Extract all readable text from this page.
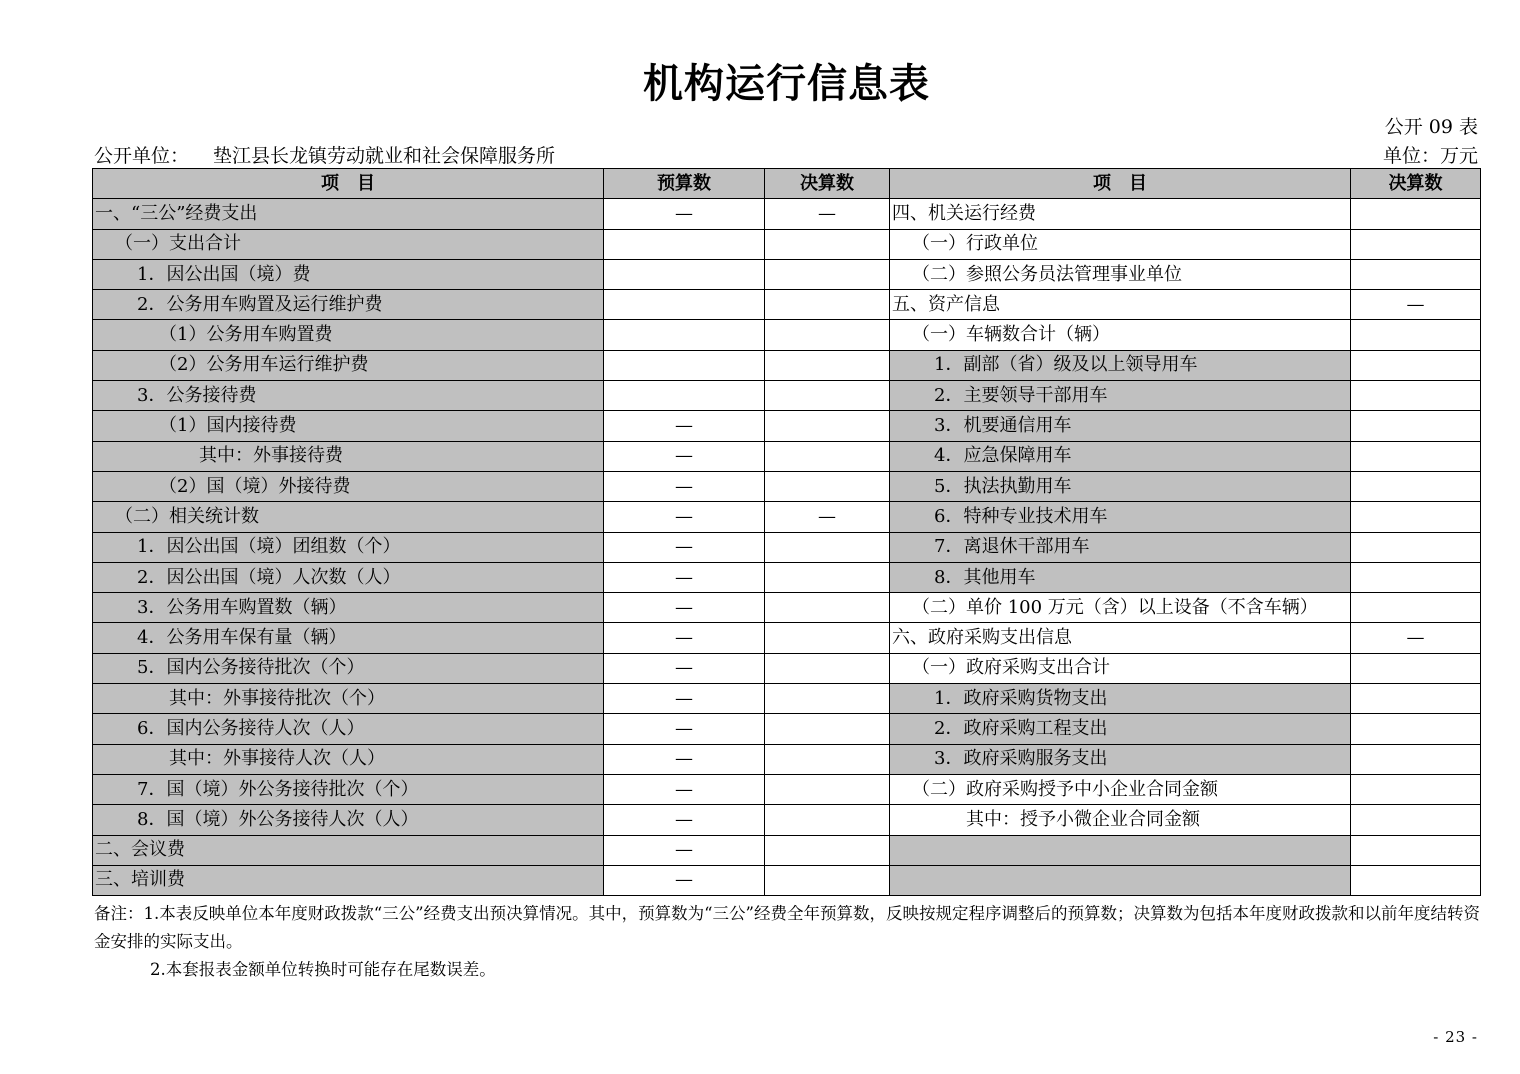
机构运行信息表
公开 09 表
公开单位： 垫江县长龙镇劳动就业和社会保障服务所	单位：万元
项　目	预算数	决算数	项　目	决算数
一、“三公”经费支出	—	—	四、机关运行经费	
（一）支出合计			（一）行政单位	
1．因公出国（境）费			（二）参照公务员法管理事业单位	
2．公务用车购置及运行维护费			五、资产信息	—
（1）公务用车购置费			（一）车辆数合计（辆）	
（2）公务用车运行维护费			1．副部（省）级及以上领导用车	
3．公务接待费			2．主要领导干部用车	
（1）国内接待费	—		3．机要通信用车	
其中：外事接待费	—		4．应急保障用车	
（2）国（境）外接待费	—		5．执法执勤用车	
（二）相关统计数	—	—	6．特种专业技术用车	
1．因公出国（境）团组数（个）	—		7．离退休干部用车	
2．因公出国（境）人次数（人）	—		8．其他用车	
3．公务用车购置数（辆）	—		（二）单价 100 万元（含）以上设备（不含车辆）	
4．公务用车保有量（辆）	—		六、政府采购支出信息	—
5．国内公务接待批次（个）	—		（一）政府采购支出合计	
其中：外事接待批次（个）	—		1．政府采购货物支出	
6．国内公务接待人次（人）	—		2．政府采购工程支出	
其中：外事接待人次（人）	—		3．政府采购服务支出	
7．国（境）外公务接待批次（个）	—		（二）政府采购授予中小企业合同金额	
8．国（境）外公务接待人次（人）	—		其中：授予小微企业合同金额	
二、会议费	—			
三、培训费	—			
备注：1.本表反映单位本年度财政拨款“三公”经费支出预决算情况。其中，预算数为“三公”经费全年预算数，反映按规定程序调整后的预算数；决算数为包括本年度财政拨款和以前年度结转资金安排的实际支出。
2.本套报表金额单位转换时可能存在尾数误差。
- 23 -
